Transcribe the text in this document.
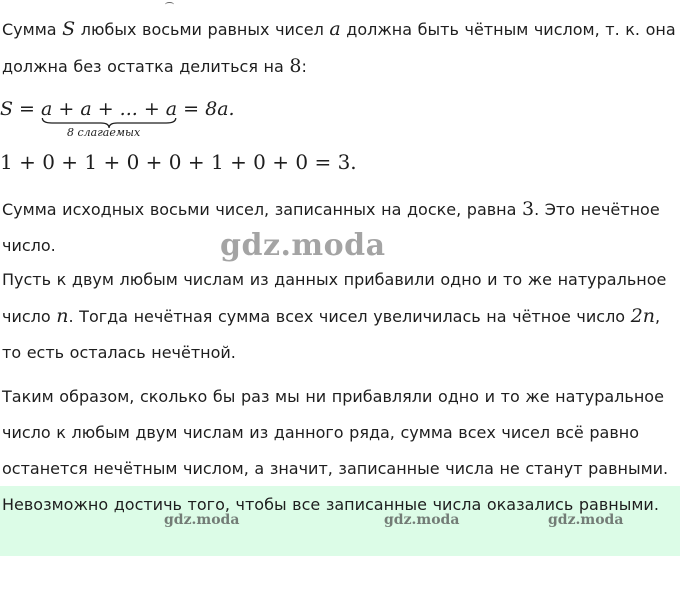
Сумма S любых восьми равных чисел a должна быть чётным числом, т. к. она должна без остатка делиться на 8:

S = a + a + ... + a
8 слагаемых
= 8a.
1 + 0 + 1 + 0 + 0 + 1 + 0 + 0 = 3.

Сумма исходных восьми чисел, записанных на доске, равна 3. Это нечётное число.	gdz.moda

Пусть к двум любым числам из данных прибавили одно и то же натуральное число n. Тогда нечётная сумма всех чисел увеличилась на чётное число 2n, то есть осталась нечётной.

Таким образом, сколько бы раз мы ни прибавляли одно и то же натуральное число к любым двум числам из данного ряда, сумма всех чисел всё равно останется нечётным числом, а значит, записанные числа не станут равными.

Невозможно достичь того, чтобы все записанные числа оказались равными.

gdz.moda	gdz.moda	gdz.moda
